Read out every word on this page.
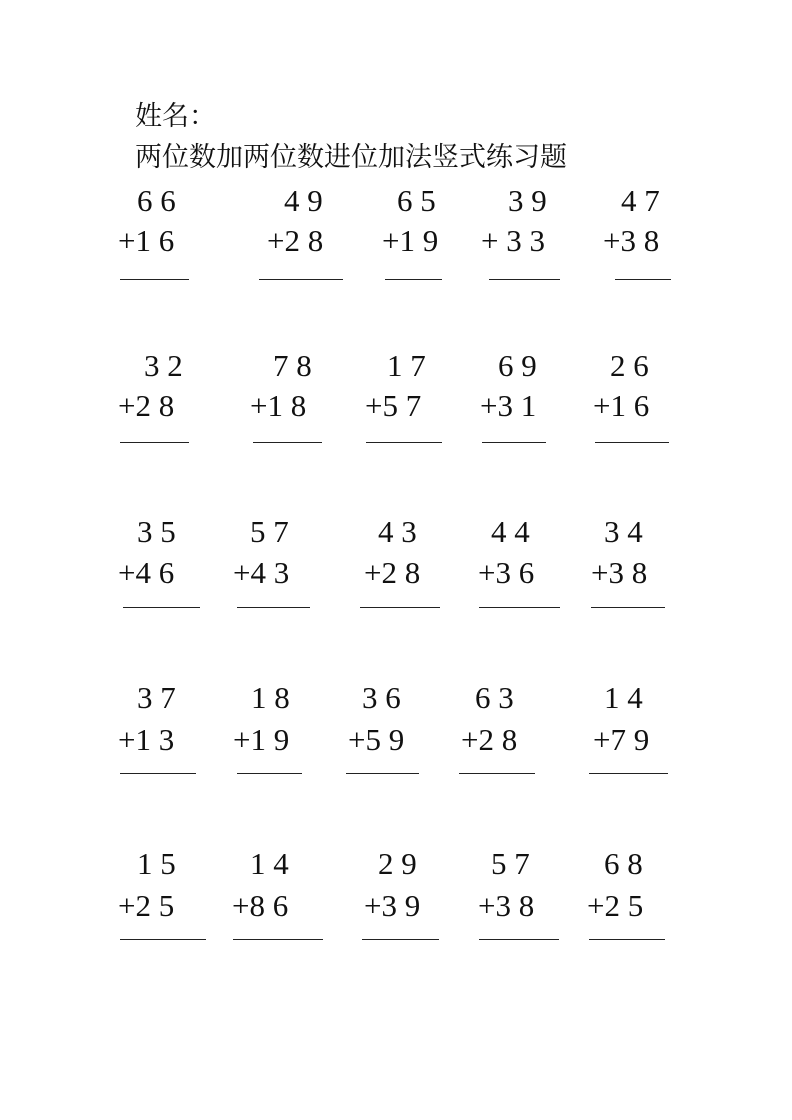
姓名：
两位数加两位数进位加法竖式练习题
6 6
+1 6
4 9
+2 8
6 5
+1 9
3 9
+ 3 3
4 7
+3 8
3 2
+2 8
7 8
+1 8
1 7
+5 7
6 9
+3 1
2 6
+1 6
3 5
+4 6
5 7
+4 3
4 3
+2 8
4 4
+3 6
3 4
+3 8
3 7
+1 3
1 8
+1 9
3 6
+5 9
6 3
+2 8
1 4
+7 9
1 5
+2 5
1 4
+8 6
2 9
+3 9
5 7
+3 8
6 8
+2 5
